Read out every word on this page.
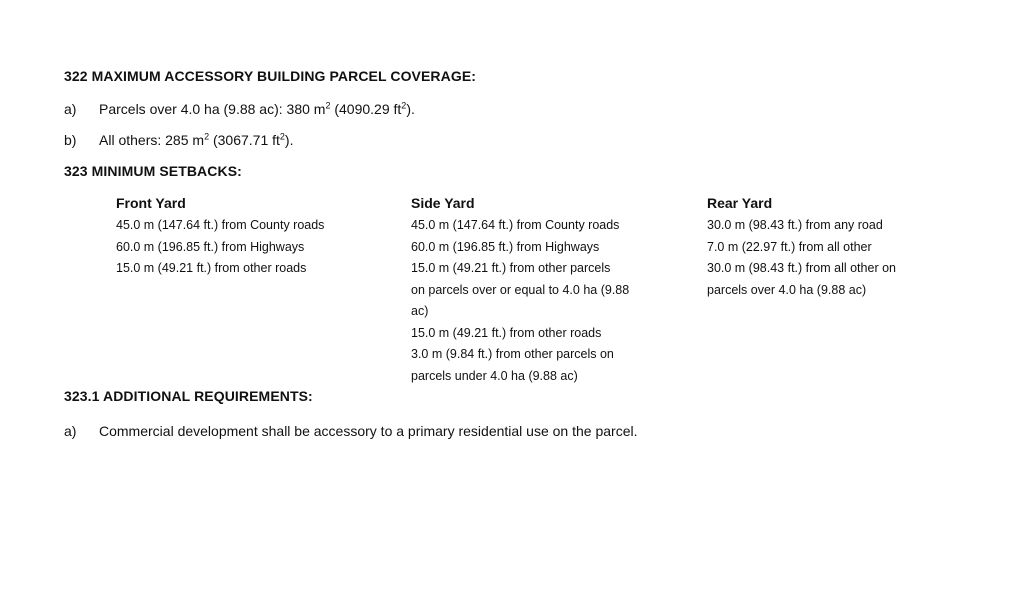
322 MAXIMUM ACCESSORY BUILDING PARCEL COVERAGE:
a) Parcels over 4.0 ha (9.88 ac): 380 $m^2$ (4090.29 $ft^2$).
b) All others: 285 $m^2$ (3067.71 $ft^2$).
323 MINIMUM SETBACKS:
Front Yard
45.0 m (147.64 ft.) from County roads
60.0 m (196.85 ft.) from Highways
15.0 m (49.21 ft.) from other roads
Side Yard
45.0 m (147.64 ft.) from County roads
60.0 m (196.85 ft.) from Highways
15.0 m (49.21 ft.) from other parcels
on parcels over or equal to 4.0 ha (9.88
ac)
15.0 m (49.21 ft.) from other roads
3.0 m (9.84 ft.) from other parcels on
parcels under 4.0 ha (9.88 ac)
Rear Yard
30.0 m (98.43 ft.) from any road
7.0 m (22.97 ft.) from all other
30.0 m (98.43 ft.) from all other on
parcels over 4.0 ha (9.88 ac)
323.1 ADDITIONAL REQUIREMENTS:
a) Commercial development shall be accessory to a primary residential use on the parcel.
